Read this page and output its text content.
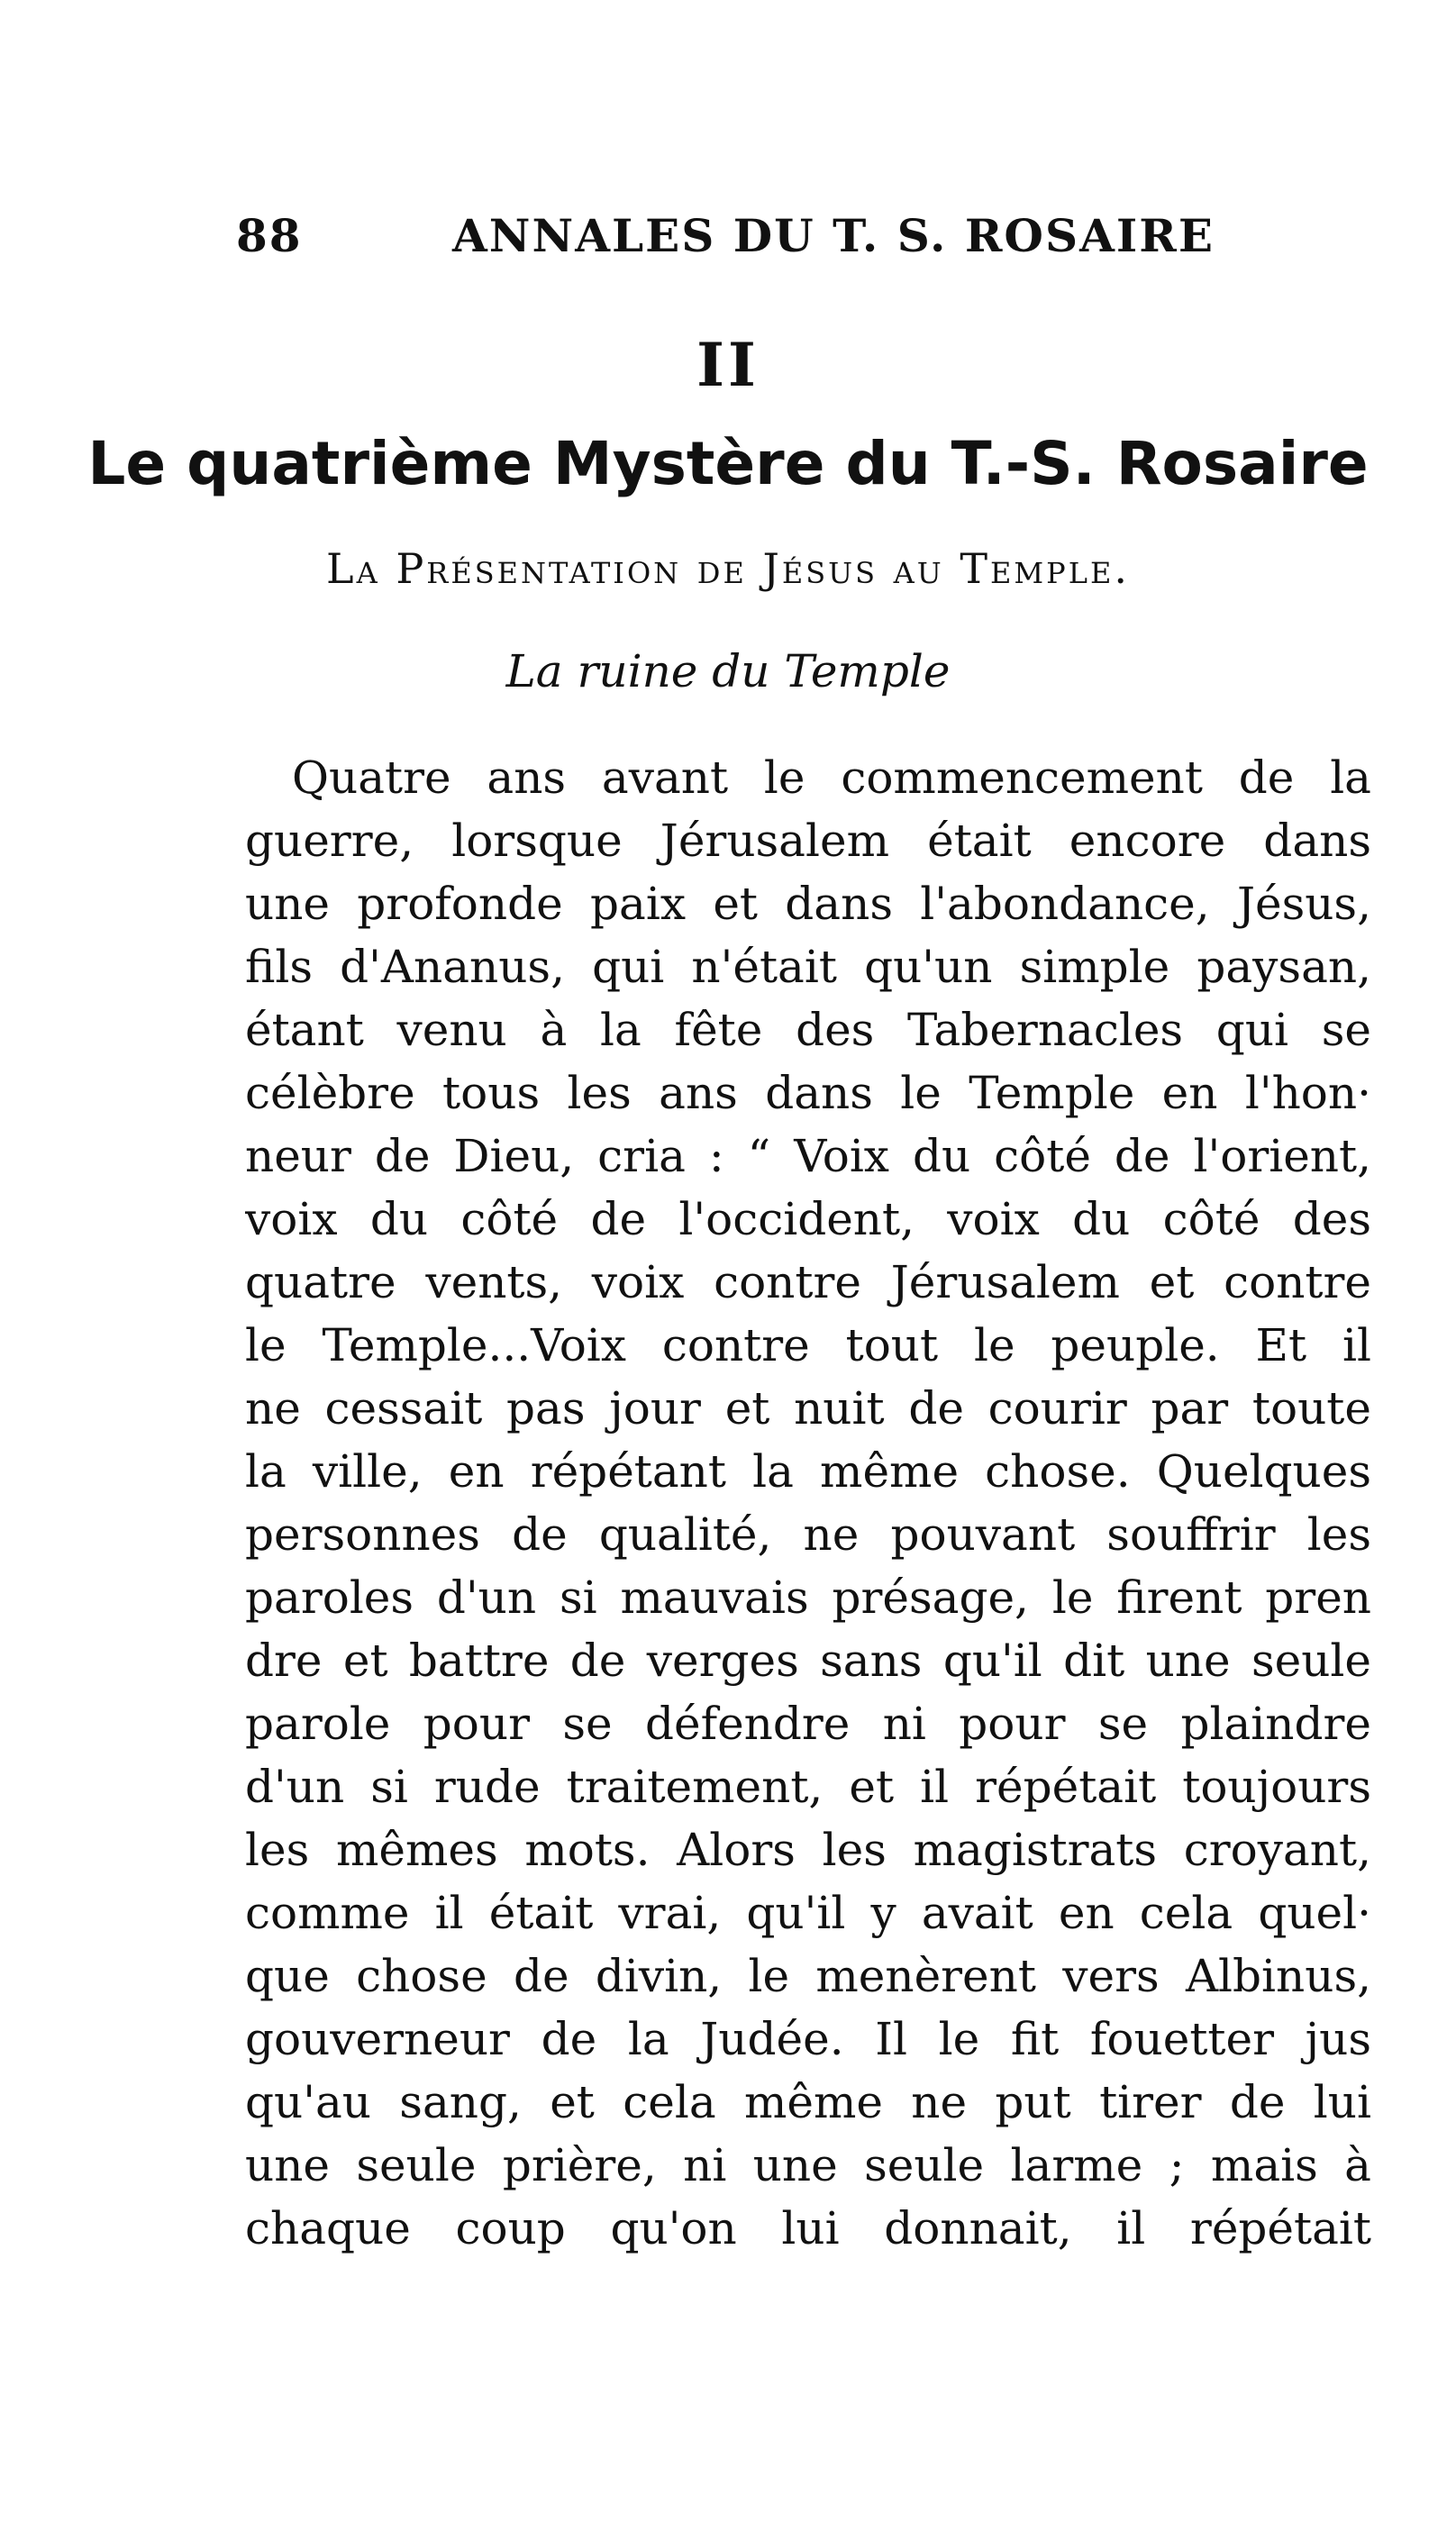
88	ANNALES DU T. S. ROSAIRE
II
Le quatrième Mystère du T.-S. Rosaire
La Présentation de Jésus au Temple.
La ruine du Temple
Quatre ans avant le commencement de la
guerre, lorsque Jérusalem était encore dans
une profonde paix et dans l'abondance, Jésus,
fils d'Ananus, qui n'était qu'un simple paysan,
étant venu à la fête des Tabernacles qui se
célèbre tous les ans dans le Temple en l'hon·
neur de Dieu, cria : “ Voix du côté de l'orient,
voix du côté de l'occident, voix du côté des
quatre vents, voix contre Jérusalem et contre
le Temple...Voix contre tout le peuple. Et il
ne cessait pas jour et nuit de courir par toute
la ville, en répétant la même chose. Quelques
personnes de qualité, ne pouvant souffrir les
paroles d'un si mauvais présage, le firent pren
dre et battre de verges sans qu'il dit une seule
parole pour se défendre ni pour se plaindre
d'un si rude traitement, et il répétait toujours
les mêmes mots. Alors les magistrats croyant,
comme il était vrai, qu'il y avait en cela quel·
que chose de divin, le menèrent vers Albinus,
gouverneur de la Judée. Il le fit fouetter jus
qu'au sang, et cela même ne put tirer de lui
une seule prière, ni une seule larme ; mais à
chaque coup qu'on lui donnait, il répétait
